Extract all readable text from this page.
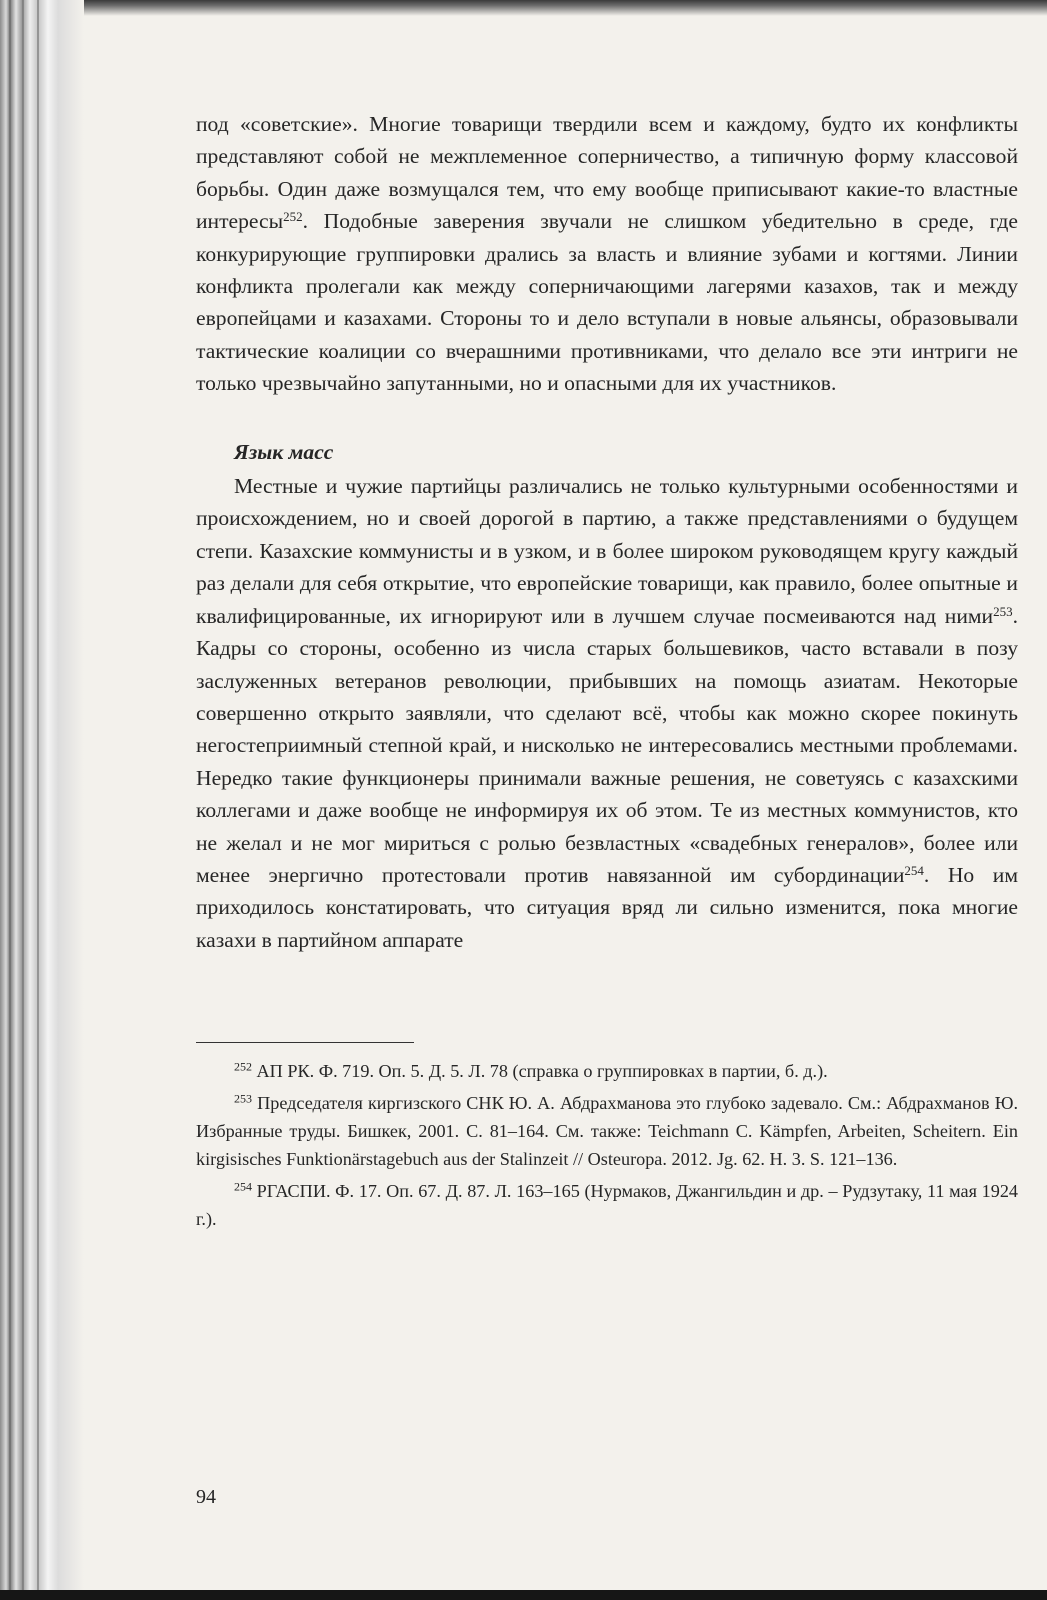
под «советские». Многие товарищи твердили всем и каждому, будто их конфликты представляют собой не межплеменное соперничество, а типичную форму классовой борьбы. Один даже возмущался тем, что ему вообще приписывают какие-то властные интересы$^{252}$. Подобные заверения звучали не слишком убедительно в среде, где конкурирующие группировки дрались за власть и влияние зубами и когтями. Линии конфликта пролегали как между соперничающими лагерями казахов, так и между европейцами и казахами. Стороны то и дело вступали в новые альянсы, образовывали тактические коалиции со вчерашними противниками, что делало все эти интриги не только чрезвычайно запутанными, но и опасными для их участников.

Язык масс

Местные и чужие партийцы различались не только культурными особенностями и происхождением, но и своей дорогой в партию, а также представлениями о будущем степи. Казахские коммунисты и в узком, и в более широком руководящем кругу каждый раз делали для себя открытие, что европейские товарищи, как правило, более опытные и квалифицированные, их игнорируют или в лучшем случае посмеиваются над ними$^{253}$. Кадры со стороны, особенно из числа старых большевиков, часто вставали в позу заслуженных ветеранов революции, прибывших на помощь азиатам. Некоторые совершенно открыто заявляли, что сделают всё, чтобы как можно скорее покинуть негостеприимный степной край, и нисколько не интересовались местными проблемами. Нередко такие функционеры принимали важные решения, не советуясь с казахскими коллегами и даже вообще не информируя их об этом. Те из местных коммунистов, кто не желал и не мог мириться с ролью безвластных «свадебных генералов», более или менее энергично протестовали против навязанной им субординации$^{254}$. Но им приходилось констатировать, что ситуация вряд ли сильно изменится, пока многие казахи в партийном аппарате

$^{252}$ АП РК. Ф. 719. Оп. 5. Д. 5. Л. 78 (справка о группировках в партии, б. д.).

$^{253}$ Председателя киргизского СНК Ю. А. Абдрахманова это глубоко задевало. См.: Абдрахманов Ю. Избранные труды. Бишкек, 2001. С. 81–164. См. также: Teichmann C. Kämpfen, Arbeiten, Scheitern. Ein kirgisisches Funktionärstagebuch aus der Stalinzeit // Osteuropa. 2012. Jg. 62. H. 3. S. 121–136.

$^{254}$ РГАСПИ. Ф. 17. Оп. 67. Д. 87. Л. 163–165 (Нурмаков, Джангильдин и др. – Рудзутаку, 11 мая 1924 г.).

94
